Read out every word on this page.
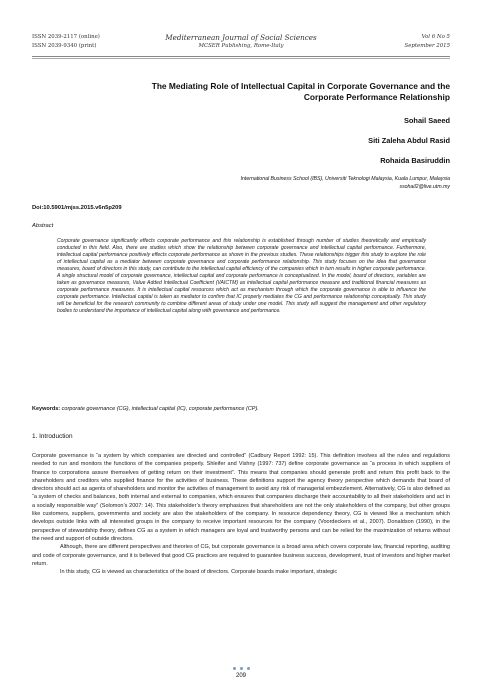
ISSN 2039-2117 (online)
ISSN 2039-9340 (print)
Mediterranean Journal of Social Sciences
MCSER Publishing, Rome-Italy
Vol 6 No 5
September 2015
The Mediating Role of Intellectual Capital in Corporate Governance and the
Corporate Performance Relationship
Sohail Saeed
Siti Zaleha Abdul Rasid
Rohaida Basiruddin
International Business School (IBS), Universiti Teknologi Malaysia, Kuala Lumpur, Malaysia
ssohail2@live.utm.my
Doi:10.5901/mjss.2015.v6n5p209
Abstract
Corporate governance significantly effects corporate performance and this relationship is established through number of studies theoretically and empirically conducted in this field. Also, there are studies which show the relationship between corporate governance and intellectual capital performance. Furthermore, intellectual capital performance positively effects corporate performance as shown in the previous studies. These relationships trigger this study to explore the role of intellectual capital as a mediator between corporate governance and corporate performance relationship. This study focuses on the idea that governance measures, board of directors in this study, can contribute to the intellectual capital efficiency of the companies which in turn results in higher corporate performance. A single structural model of corporate governance, intellectual capital and corporate performance is conceptualized. In the model, board of directors, variables are taken as governance measures, Value Added Intellectual Coefficient (VAICTM) as intellectual capital performance measure and traditional financial measures as corporate performance measures. It is intellectual capital resources which act as mechanism through which the corporate governance is able to influence the corporate performance. Intellectual capital is taken as mediator to confirm that IC properly mediates the CG and performance relationship conceptually. This study will be beneficial for the research community to combine different areas of study under one model. This study will suggest the management and other regulatory bodies to understand the importance of intellectual capital along with governance and performance.
Keywords: corporate governance (CG), intellectual capital (IC), corporate performance (CP).
1. Introduction

Corporate governance is “a system by which companies are directed and controlled” (Cadbury Report 1992: 15). This definition involves all the rules and regulations needed to run and monitors the functions of the companies properly. Shleifer and Vishny (1997: 737) define corporate governance as “a process in which suppliers of finance to corporations assure themselves of getting return on their investment”. This means that companies should generate profit and return this profit back to the shareholders and creditors who supplied finance for the activities of business. These definitions support the agency theory perspective which demands that board of directors should act as agents of shareholders and monitor the activities of management to avoid any risk of managerial embezzlement. Alternatively, CG is also defined as “a system of checks and balances, both internal and external to companies, which ensures that companies discharge their accountability to all their stakeholders and act in a socially responsible way” (Solomon’s 2007: 14). This stakeholder’s theory emphasizes that shareholders are not the only stakeholders of the company, but other groups like customers, suppliers, governments and society are also the stakeholders of the company. In resource dependency theory, CG is viewed like a mechanism which develops outside links with all interested groups in the company to receive important resources for the company (Voordeckers et al., 2007). Donaldson (1990), in the perspective of stewardship theory, defines CG as a system in which managers are loyal and trustworthy persons and can be relied for the maximization of returns without the need and support of outside directors.

Although, there are different perspectives and theories of CG, but corporate governance is a broad area which covers corporate law, financial reporting, auditing and code of corporate governance, and it is believed that good CG practices are required to guarantee business success, development, trust of investors and higher market return.

In this study, CG is viewed as characteristics of the board of directors. Corporate boards make important, strategic

209
